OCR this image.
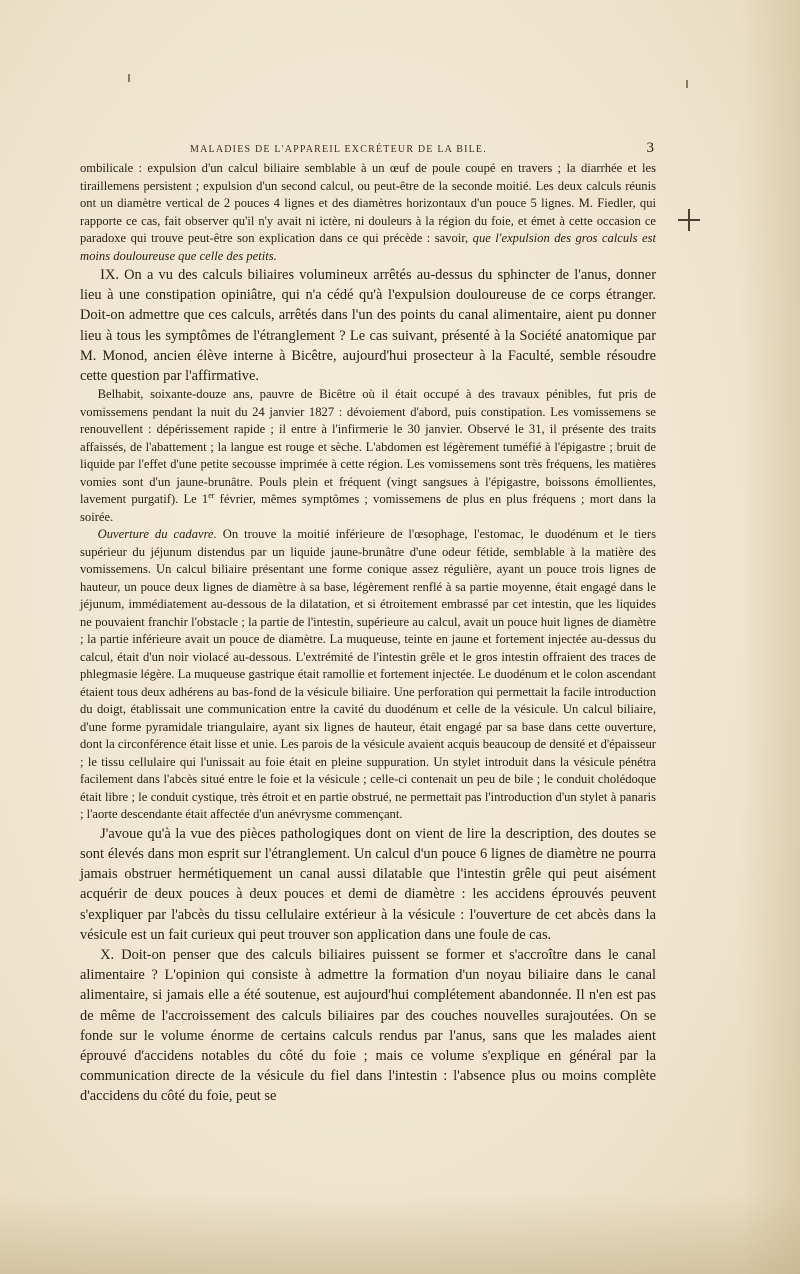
MALADIES DE L'APPAREIL EXCRÉTEUR DE LA BILE.	3

ombilicale : expulsion d'un calcul biliaire semblable à un œuf de poule coupé en travers ; la diarrhée et les tiraillemens persistent ; expulsion d'un second calcul, ou peut-être de la seconde moitié. Les deux calculs réunis ont un diamètre vertical de 2 pouces 4 lignes et des diamètres horizontaux d'un pouce 5 lignes. M. Fiedler, qui rapporte ce cas, fait observer qu'il n'y avait ni ictère, ni douleurs à la région du foie, et émet à cette occasion ce paradoxe qui trouve peut-être son explication dans ce qui précède : savoir, que l'expulsion des gros calculs est moins douloureuse que celle des petits.

IX. On a vu des calculs biliaires volumineux arrêtés au-dessus du sphincter de l'anus, donner lieu à une constipation opiniâtre, qui n'a cédé qu'à l'expulsion douloureuse de ce corps étranger. Doit-on admettre que ces calculs, arrêtés dans l'un des points du canal alimentaire, aient pu donner lieu à tous les symptômes de l'étranglement ? Le cas suivant, présenté à la Société anatomique par M. Monod, ancien élève interne à Bicêtre, aujourd'hui prosecteur à la Faculté, semble résoudre cette question par l'affirmative.

Belhabit, soixante-douze ans, pauvre de Bicêtre où il était occupé à des travaux pénibles, fut pris de vomissemens pendant la nuit du 24 janvier 1827 : dévoiement d'abord, puis constipation. Les vomissemens se renouvellent : dépérissement rapide ; il entre à l'infirmerie le 30 janvier. Observé le 31, il présente des traits affaissés, de l'abattement ; la langue est rouge et sèche. L'abdomen est légèrement tuméfié à l'épigastre ; bruit de liquide par l'effet d'une petite secousse imprimée à cette région. Les vomissemens sont très fréquens, les matières vomies sont d'un jaune-brunâtre. Pouls plein et fréquent (vingt sangsues à l'épigastre, boissons émollientes, lavement purgatif). Le 1er février, mêmes symptômes ; vomissemens de plus en plus fréquens ; mort dans la soirée.

Ouverture du cadavre. On trouve la moitié inférieure de l'œsophage, l'estomac, le duodénum et le tiers supérieur du jéjunum distendus par un liquide jaune-brunâtre d'une odeur fétide, semblable à la matière des vomissemens. Un calcul biliaire présentant une forme conique assez régulière, ayant un pouce trois lignes de hauteur, un pouce deux lignes de diamètre à sa base, légèrement renflé à sa partie moyenne, était engagé dans le jéjunum, immédiatement au-dessous de la dilatation, et si étroitement embrassé par cet intestin, que les liquides ne pouvaient franchir l'obstacle ; la partie de l'intestin, supérieure au calcul, avait un pouce huit lignes de diamètre ; la partie inférieure avait un pouce de diamètre. La muqueuse, teinte en jaune et fortement injectée au-dessus du calcul, était d'un noir violacé au-dessous. L'extrémité de l'intestin grêle et le gros intestin offraient des traces de phlegmasie légère. La muqueuse gastrique était ramollie et fortement injectée. Le duodénum et le colon ascendant étaient tous deux adhérens au bas-fond de la vésicule biliaire. Une perforation qui permettait la facile introduction du doigt, établissait une communication entre la cavité du duodénum et celle de la vésicule. Un calcul biliaire, d'une forme pyramidale triangulaire, ayant six lignes de hauteur, était engagé par sa base dans cette ouverture, dont la circonférence était lisse et unie. Les parois de la vésicule avaient acquis beaucoup de densité et d'épaisseur ; le tissu cellulaire qui l'unissait au foie était en pleine suppuration. Un stylet introduit dans la vésicule pénétra facilement dans l'abcès situé entre le foie et la vésicule ; celle-ci contenait un peu de bile ; le conduit cholédoque était libre ; le conduit cystique, très étroit et en partie obstrué, ne permettait pas l'introduction d'un stylet à panaris ; l'aorte descendante était affectée d'un anévrysme commençant.

J'avoue qu'à la vue des pièces pathologiques dont on vient de lire la description, des doutes se sont élevés dans mon esprit sur l'étranglement. Un calcul d'un pouce 6 lignes de diamètre ne pourra jamais obstruer hermétiquement un canal aussi dilatable que l'intestin grêle qui peut aisément acquérir de deux pouces à deux pouces et demi de diamètre : les accidens éprouvés peuvent s'expliquer par l'abcès du tissu cellulaire extérieur à la vésicule : l'ouverture de cet abcès dans la vésicule est un fait curieux qui peut trouver son application dans une foule de cas.

X. Doit-on penser que des calculs biliaires puissent se former et s'accroître dans le canal alimentaire ? L'opinion qui consiste à admettre la formation d'un noyau biliaire dans le canal alimentaire, si jamais elle a été soutenue, est aujourd'hui complétement abandonnée. Il n'en est pas de même de l'accroissement des calculs biliaires par des couches nouvelles surajoutées. On se fonde sur le volume énorme de certains calculs rendus par l'anus, sans que les malades aient éprouvé d'accidens notables du côté du foie ; mais ce volume s'explique en général par la communication directe de la vésicule du fiel dans l'intestin : l'absence plus ou moins complète d'accidens du côté du foie, peut se
